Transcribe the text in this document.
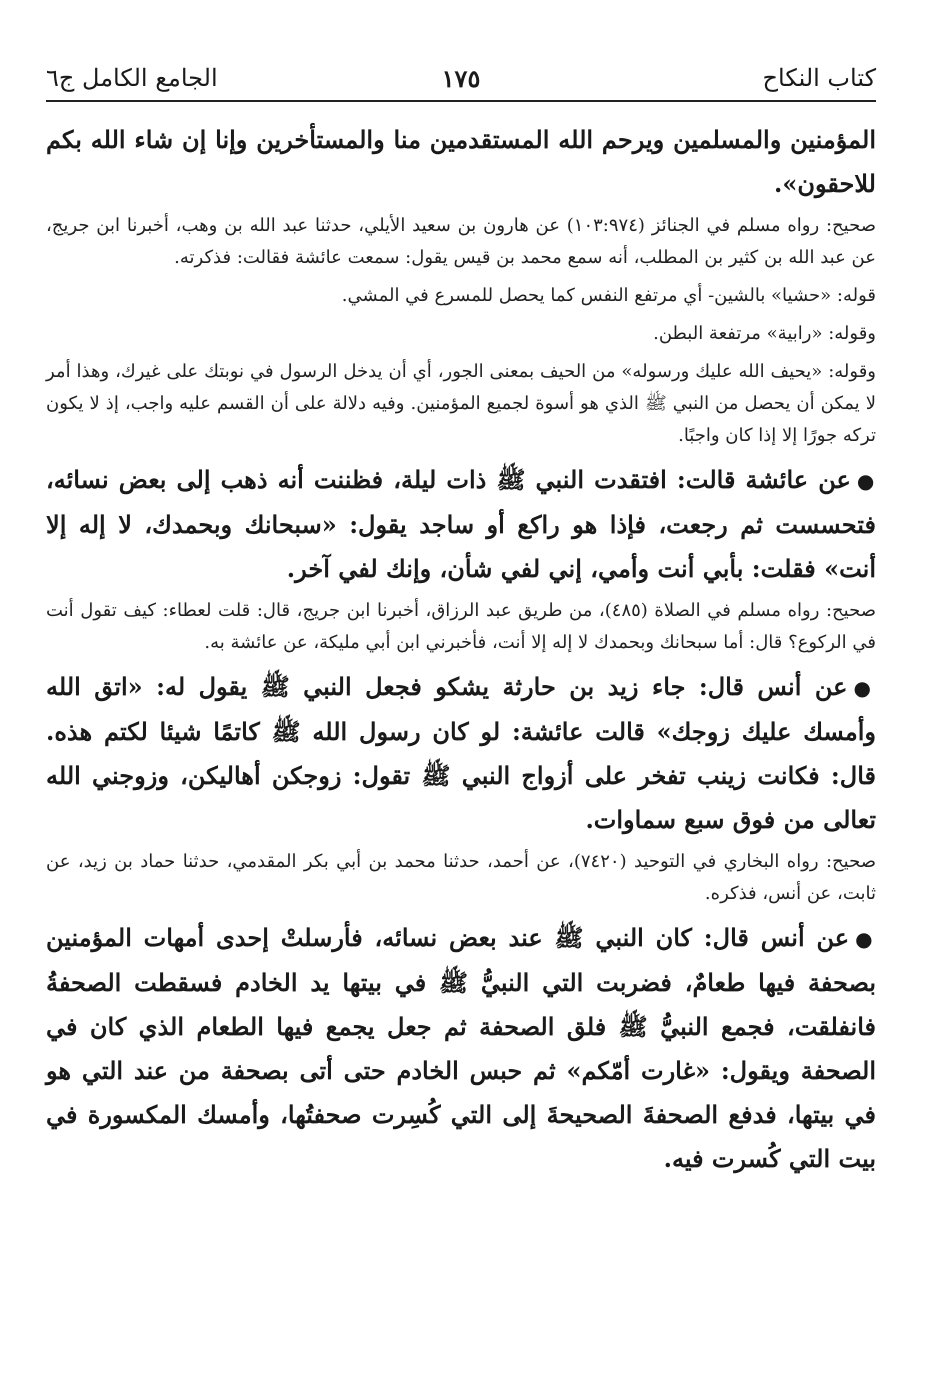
كتاب النكاح
١٧٥
الجامع الكامل ج٦

المؤمنين والمسلمين ويرحم الله المستقدمين منا والمستأخرين وإنا إن شاء الله بكم للاحقون».

صحيح: رواه مسلم في الجنائز (١٠٣:٩٧٤) عن هارون بن سعيد الأيلي، حدثنا عبد الله بن وهب، أخبرنا ابن جريج، عن عبد الله بن كثير بن المطلب، أنه سمع محمد بن قيس يقول: سمعت عائشة فقالت: فذكرته.

قوله: «حشيا» بالشين- أي مرتفع النفس كما يحصل للمسرع في المشي.

وقوله: «رابية» مرتفعة البطن.

وقوله: «يحيف الله عليك ورسوله» من الحيف بمعنى الجور، أي أن يدخل الرسول في نوبتك على غيرك، وهذا أمر لا يمكن أن يحصل من النبي ﷺ الذي هو أسوة لجميع المؤمنين. وفيه دلالة على أن القسم عليه واجب، إذ لا يكون تركه جورًا إلا إذا كان واجبًا.

●عن عائشة قالت: افتقدت النبي ﷺ ذات ليلة، فظننت أنه ذهب إلى بعض نسائه، فتحسست ثم رجعت، فإذا هو راكع أو ساجد يقول: «سبحانك وبحمدك، لا إله إلا أنت» فقلت: بأبي أنت وأمي، إني لفي شأن، وإنك لفي آخر.

صحيح: رواه مسلم في الصلاة (٤٨٥)، من طريق عبد الرزاق، أخبرنا ابن جريج، قال: قلت لعطاء: كيف تقول أنت في الركوع؟ قال: أما سبحانك وبحمدك لا إله إلا أنت، فأخبرني ابن أبي مليكة، عن عائشة به.

●عن أنس قال: جاء زيد بن حارثة يشكو فجعل النبي ﷺ يقول له: «اتق الله وأمسك عليك زوجك» قالت عائشة: لو كان رسول الله ﷺ كاتمًا شيئا لكتم هذه. قال: فكانت زينب تفخر على أزواج النبي ﷺ تقول: زوجكن أهاليكن، وزوجني الله تعالى من فوق سبع سماوات.

صحيح: رواه البخاري في التوحيد (٧٤٢٠)، عن أحمد، حدثنا محمد بن أبي بكر المقدمي، حدثنا حماد بن زيد، عن ثابت، عن أنس، فذكره.

●عن أنس قال: كان النبي ﷺ عند بعض نسائه، فأرسلتْ إحدى أمهات المؤمنين بصحفة فيها طعامٌ، فضربت التي النبيُّ ﷺ في بيتها يد الخادم فسقطت الصحفةُ فانفلقت، فجمع النبيُّ ﷺ فلق الصحفة ثم جعل يجمع فيها الطعام الذي كان في الصحفة ويقول: «غارت أمّكم» ثم حبس الخادم حتى أتى بصحفة من عند التي هو في بيتها، فدفع الصحفةَ الصحيحةَ إلى التي كُسِرت صحفتُها، وأمسك المكسورة في بيت التي كُسرت فيه.
